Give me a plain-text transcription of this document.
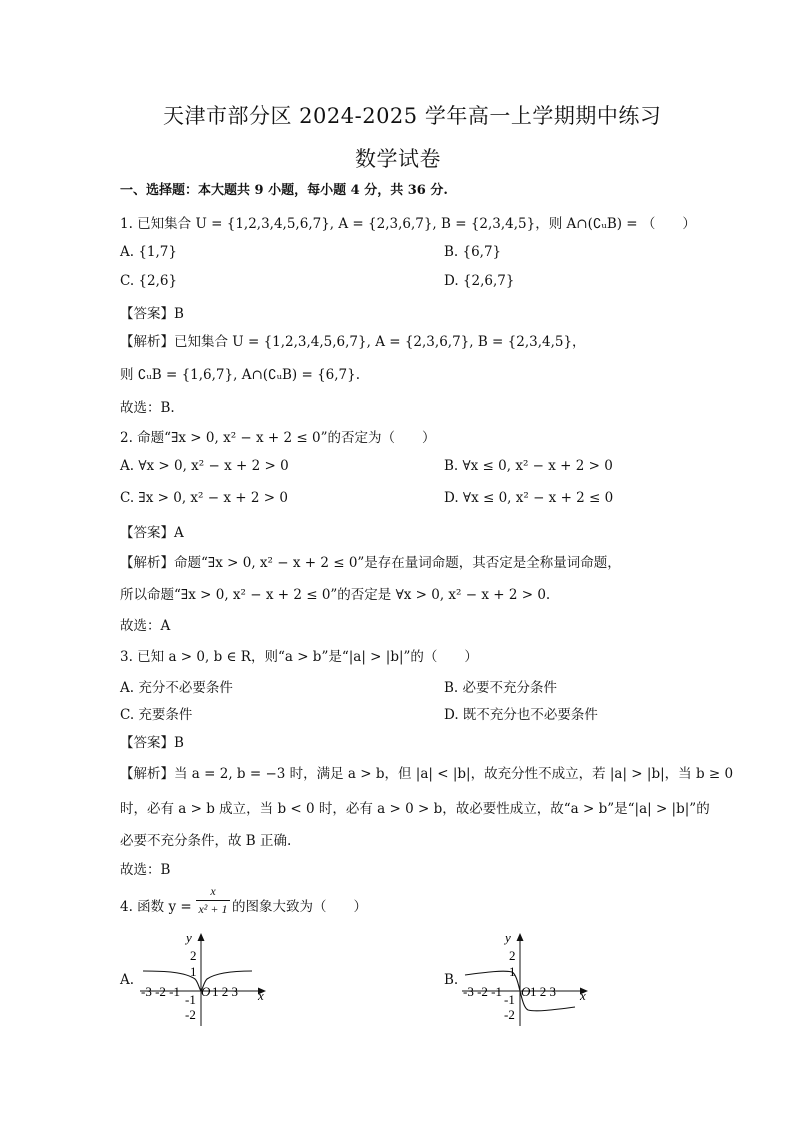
天津市部分区 2024-2025 学年高一上学期期中练习
数学试卷
一、选择题：本大题共 9 小题，每小题 4 分，共 36 分.
1. 已知集合 U = {1,2,3,4,5,6,7}, A = {2,3,6,7}, B = {2,3,4,5}，则 A∩(∁ᵤB) = （　　）
A. {1,7}	B. {6,7}
C. {2,6}	D. {2,6,7}
【答案】B
【解析】已知集合 U = {1,2,3,4,5,6,7}, A = {2,3,6,7}, B = {2,3,4,5}，
则 ∁ᵤB = {1,6,7}, A∩(∁ᵤB) = {6,7}.
故选：B.
2. 命题“∃x > 0, x² − x + 2 ≤ 0”的否定为（　　）
A. ∀x > 0, x² − x + 2 > 0	B. ∀x ≤ 0, x² − x + 2 > 0
C. ∃x > 0, x² − x + 2 > 0	D. ∀x ≤ 0, x² − x + 2 ≤ 0
【答案】A
【解析】命题“∃x > 0, x² − x + 2 ≤ 0”是存在量词命题，其否定是全称量词命题，
所以命题“∃x > 0, x² − x + 2 ≤ 0”的否定是 ∀x > 0, x² − x + 2 > 0.
故选：A
3. 已知 a > 0, b ∈ R，则“a > b”是“|a| > |b|”的（　　）
A. 充分不必要条件	B. 必要不充分条件
C. 充要条件	D. 既不充分也不必要条件
【答案】B
【解析】当 a = 2, b = −3 时，满足 a > b，但 |a| < |b|，故充分性不成立，若 |a| > |b|，当 b ≥ 0
时，必有 a > b 成立，当 b < 0 时，必有 a > 0 > b，故必要性成立，故“a > b”是“|a| > |b|”的
必要不充分条件，故 B 正确.
故选：B
4. 函数 y =
x
x² + 1 的图象大致为（　　）
A.
y
x
2
1
-1
-2
-3 -2 -1 O 1 2 3
B.
y
x
2
1
-1
-2
-3 -2 -1 O 1 2 3
